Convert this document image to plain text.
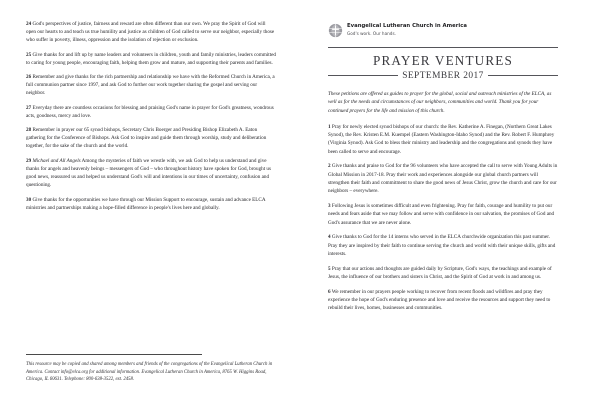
24 God's perspectives of justice, fairness and reward are often different than our own. We pray the Spirit of God will open our hearts to and teach us true humility and justice as children of God called to serve our neighbor, especially those who suffer in poverty, illness, oppression and the isolation of rejection or exclusion.
25 Give thanks for and lift up by name leaders and volunteers in children, youth and family ministries, leaders committed to caring for young people, encouraging faith, helping them grow and mature, and supporting their parents and families.
26 Remember and give thanks for the rich partnership and relationship we have with the Reformed Church in America, a full communion partner since 1997, and ask God to further our work together sharing the gospel and serving our neighbor.
27 Everyday there are countless occasions for blessing and praising God's name in prayer for God's greatness, wondrous acts, goodness, mercy and love.
28 Remember in prayer our 65 synod bishops, Secretary Chris Boerger and Presiding Bishop Elizabeth A. Eaton gathering for the Conference of Bishops. Ask God to inspire and guide them through worship, study and deliberation together, for the sake of the church and the world.
29 Michael and All Angels Among the mysteries of faith we wrestle with, we ask God to help us understand and give thanks for angels and heavenly beings – messengers of God – who throughout history have spoken for God, brought us good news, reassured us and helped us understand God's will and intentions in our times of uncertainty, confusion and questioning.
30 Give thanks for the opportunities we have through our Mission Support to encourage, sustain and advance ELCA ministries and partnerships making a hope-filled difference in people's lives here and globally.

This resource may be copied and shared among members and friends of the congregations of the Evangelical Lutheran Church in America. Contact info@elca.org for additional information. Evangelical Lutheran Church in America, 8765 W. Higgins Road, Chicago, IL 60631. Telephone: 800-638-3522, ext. 2458.

Evangelical Lutheran Church in America

God's work. Our hands.

PRAYER VENTURES
SEPTEMBER 2017

These petitions are offered as guides to prayer for the global, social and outreach ministries of the ELCA, as well as for the needs and circumstances of our neighbors, communities and world. Thank you for your continued prayers for the life and mission of this church.

1 Pray for newly elected synod bishops of our church: the Rev. Katherine A. Finegan, (Northern Great Lakes Synod), the Rev. Kristen E.M. Kuempel (Eastern Washington-Idaho Synod) and the Rev. Robert F. Humphrey (Virginia Synod). Ask God to bless their ministry and leadership and the congregations and synods they have been called to serve and encourage.
2 Give thanks and praise to God for the 96 volunteers who have accepted the call to serve with Young Adults in Global Mission in 2017-18. Pray their work and experiences alongside our global church partners will strengthen their faith and commitment to share the good news of Jesus Christ, grow the church and care for our neighbors – everywhere.
3 Following Jesus is sometimes difficult and even frightening. Pray for faith, courage and humility to put our needs and fears aside that we may follow and serve with confidence in our salvation, the promises of God and God's assurance that we are never alone.
4 Give thanks to God for the 14 interns who served in the ELCA churchwide organization this past summer. Pray they are inspired by their faith to continue serving the church and world with their unique skills, gifts and interests.
5 Pray that our actions and thoughts are guided daily by Scripture, God's ways, the teachings and example of Jesus, the influence of our brothers and sisters in Christ, and the Spirit of God at work in and among us.
6 We remember in our prayers people working to recover from recent floods and wildfires and pray they experience the hope of God's enduring presence and love and receive the resources and support they need to rebuild their lives, homes, businesses and communities.
